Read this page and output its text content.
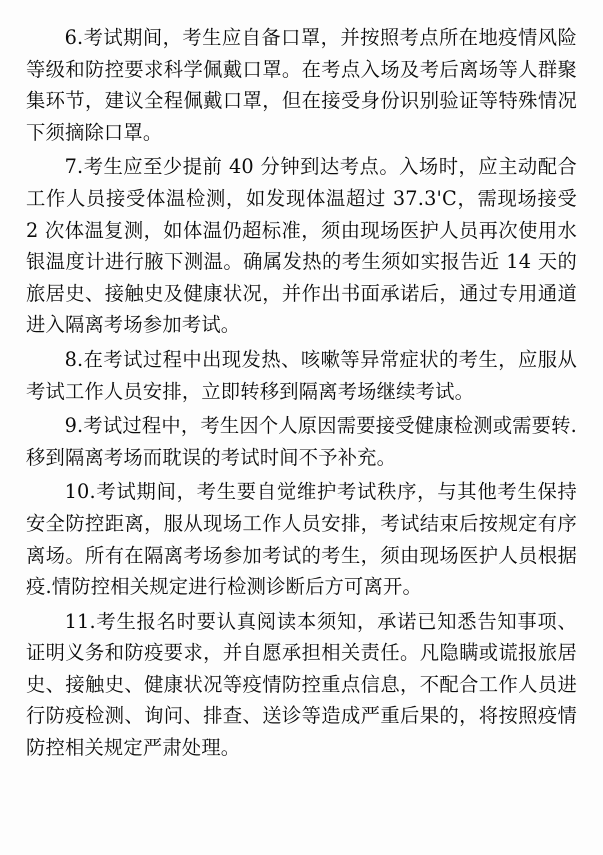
6.考试期间，考生应自备口罩，并按照考点所在地疫情风险等级和防控要求科学佩戴口罩。在考点入场及考后离场等人群聚集环节，建议全程佩戴口罩，但在接受身份识别验证等特殊情况下须摘除口罩。

7.考生应至少提前 40 分钟到达考点。入场时，应主动配合工作人员接受体温检测，如发现体温超过 37.3'C，需现场接受 2 次体温复测，如体温仍超标准，须由现场医护人员再次使用水银温度计进行腋下测温。确属发热的考生须如实报告近 14 天的旅居史、接触史及健康状况，并作出书面承诺后，通过专用通道进入隔离考场参加考试。

8.在考试过程中出现发热、咳嗽等异常症状的考生，应服从考试工作人员安排，立即转移到隔离考场继续考试。

9.考试过程中，考生因个人原因需要接受健康检测或需要转.移到隔离考场而耽误的考试时间不予补充。

10.考试期间，考生要自觉维护考试秩序，与其他考生保持安全防控距离，服从现场工作人员安排，考试结束后按规定有序离场。所有在隔离考场参加考试的考生，须由现场医护人员根据疫.情防控相关规定进行检测诊断后方可离开。

11.考生报名时要认真阅读本须知，承诺已知悉告知事项、证明义务和防疫要求，并自愿承担相关责任。凡隐瞒或谎报旅居史、接触史、健康状况等疫情防控重点信息，不配合工作人员进行防疫检测、询问、排查、送诊等造成严重后果的，将按照疫情防控相关规定严肃处理。
